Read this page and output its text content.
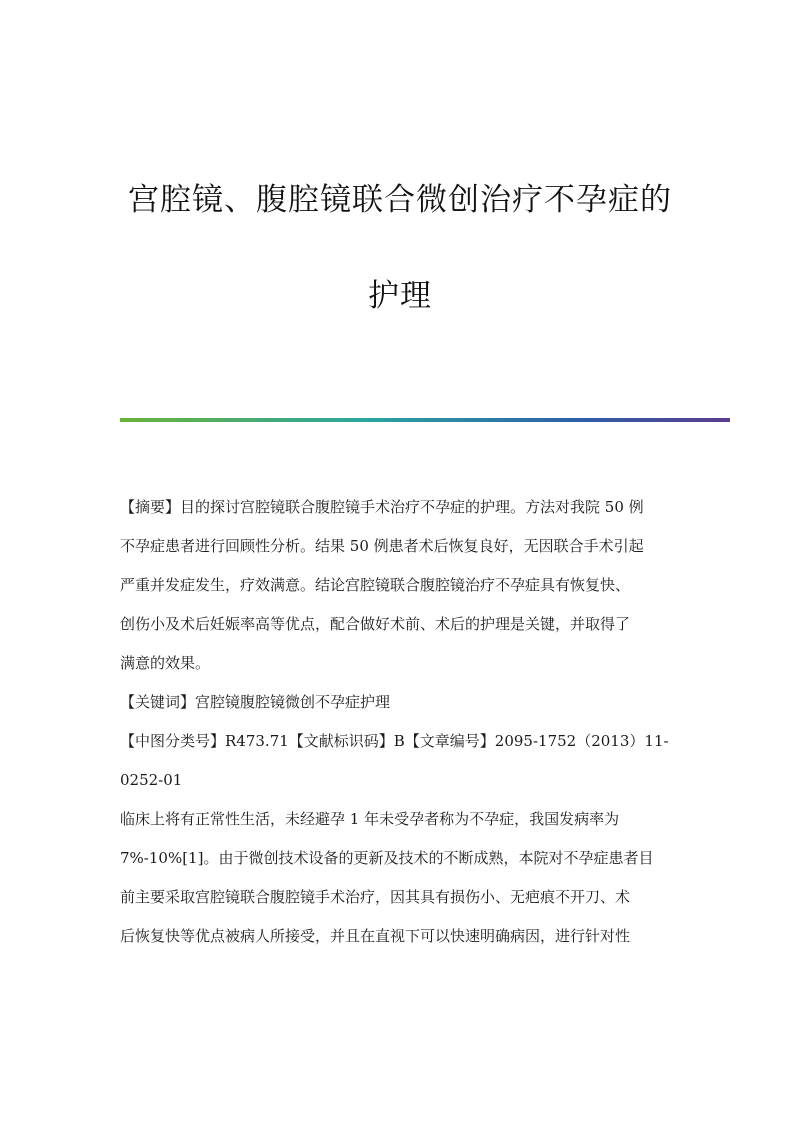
宫腔镜、腹腔镜联合微创治疗不孕症的
护理

【摘要】目的探讨宫腔镜联合腹腔镜手术治疗不孕症的护理。方法对我院 50 例
不孕症患者进行回顾性分析。结果 50 例患者术后恢复良好，无因联合手术引起
严重并发症发生，疗效满意。结论宫腔镜联合腹腔镜治疗不孕症具有恢复快、
创伤小及术后妊娠率高等优点，配合做好术前、术后的护理是关键，并取得了
满意的效果。

【关键词】宫腔镜腹腔镜微创不孕症护理

【中图分类号】R473.71【文献标识码】B【文章编号】2095-1752（2013）11-
0252-01

临床上将有正常性生活，未经避孕 1 年未受孕者称为不孕症，我国发病率为
7%-10%[1]。由于微创技术设备的更新及技术的不断成熟，本院对不孕症患者目
前主要采取宫腔镜联合腹腔镜手术治疗，因其具有损伤小、无疤痕不开刀、术
后恢复快等优点被病人所接受，并且在直视下可以快速明确病因，进行针对性
